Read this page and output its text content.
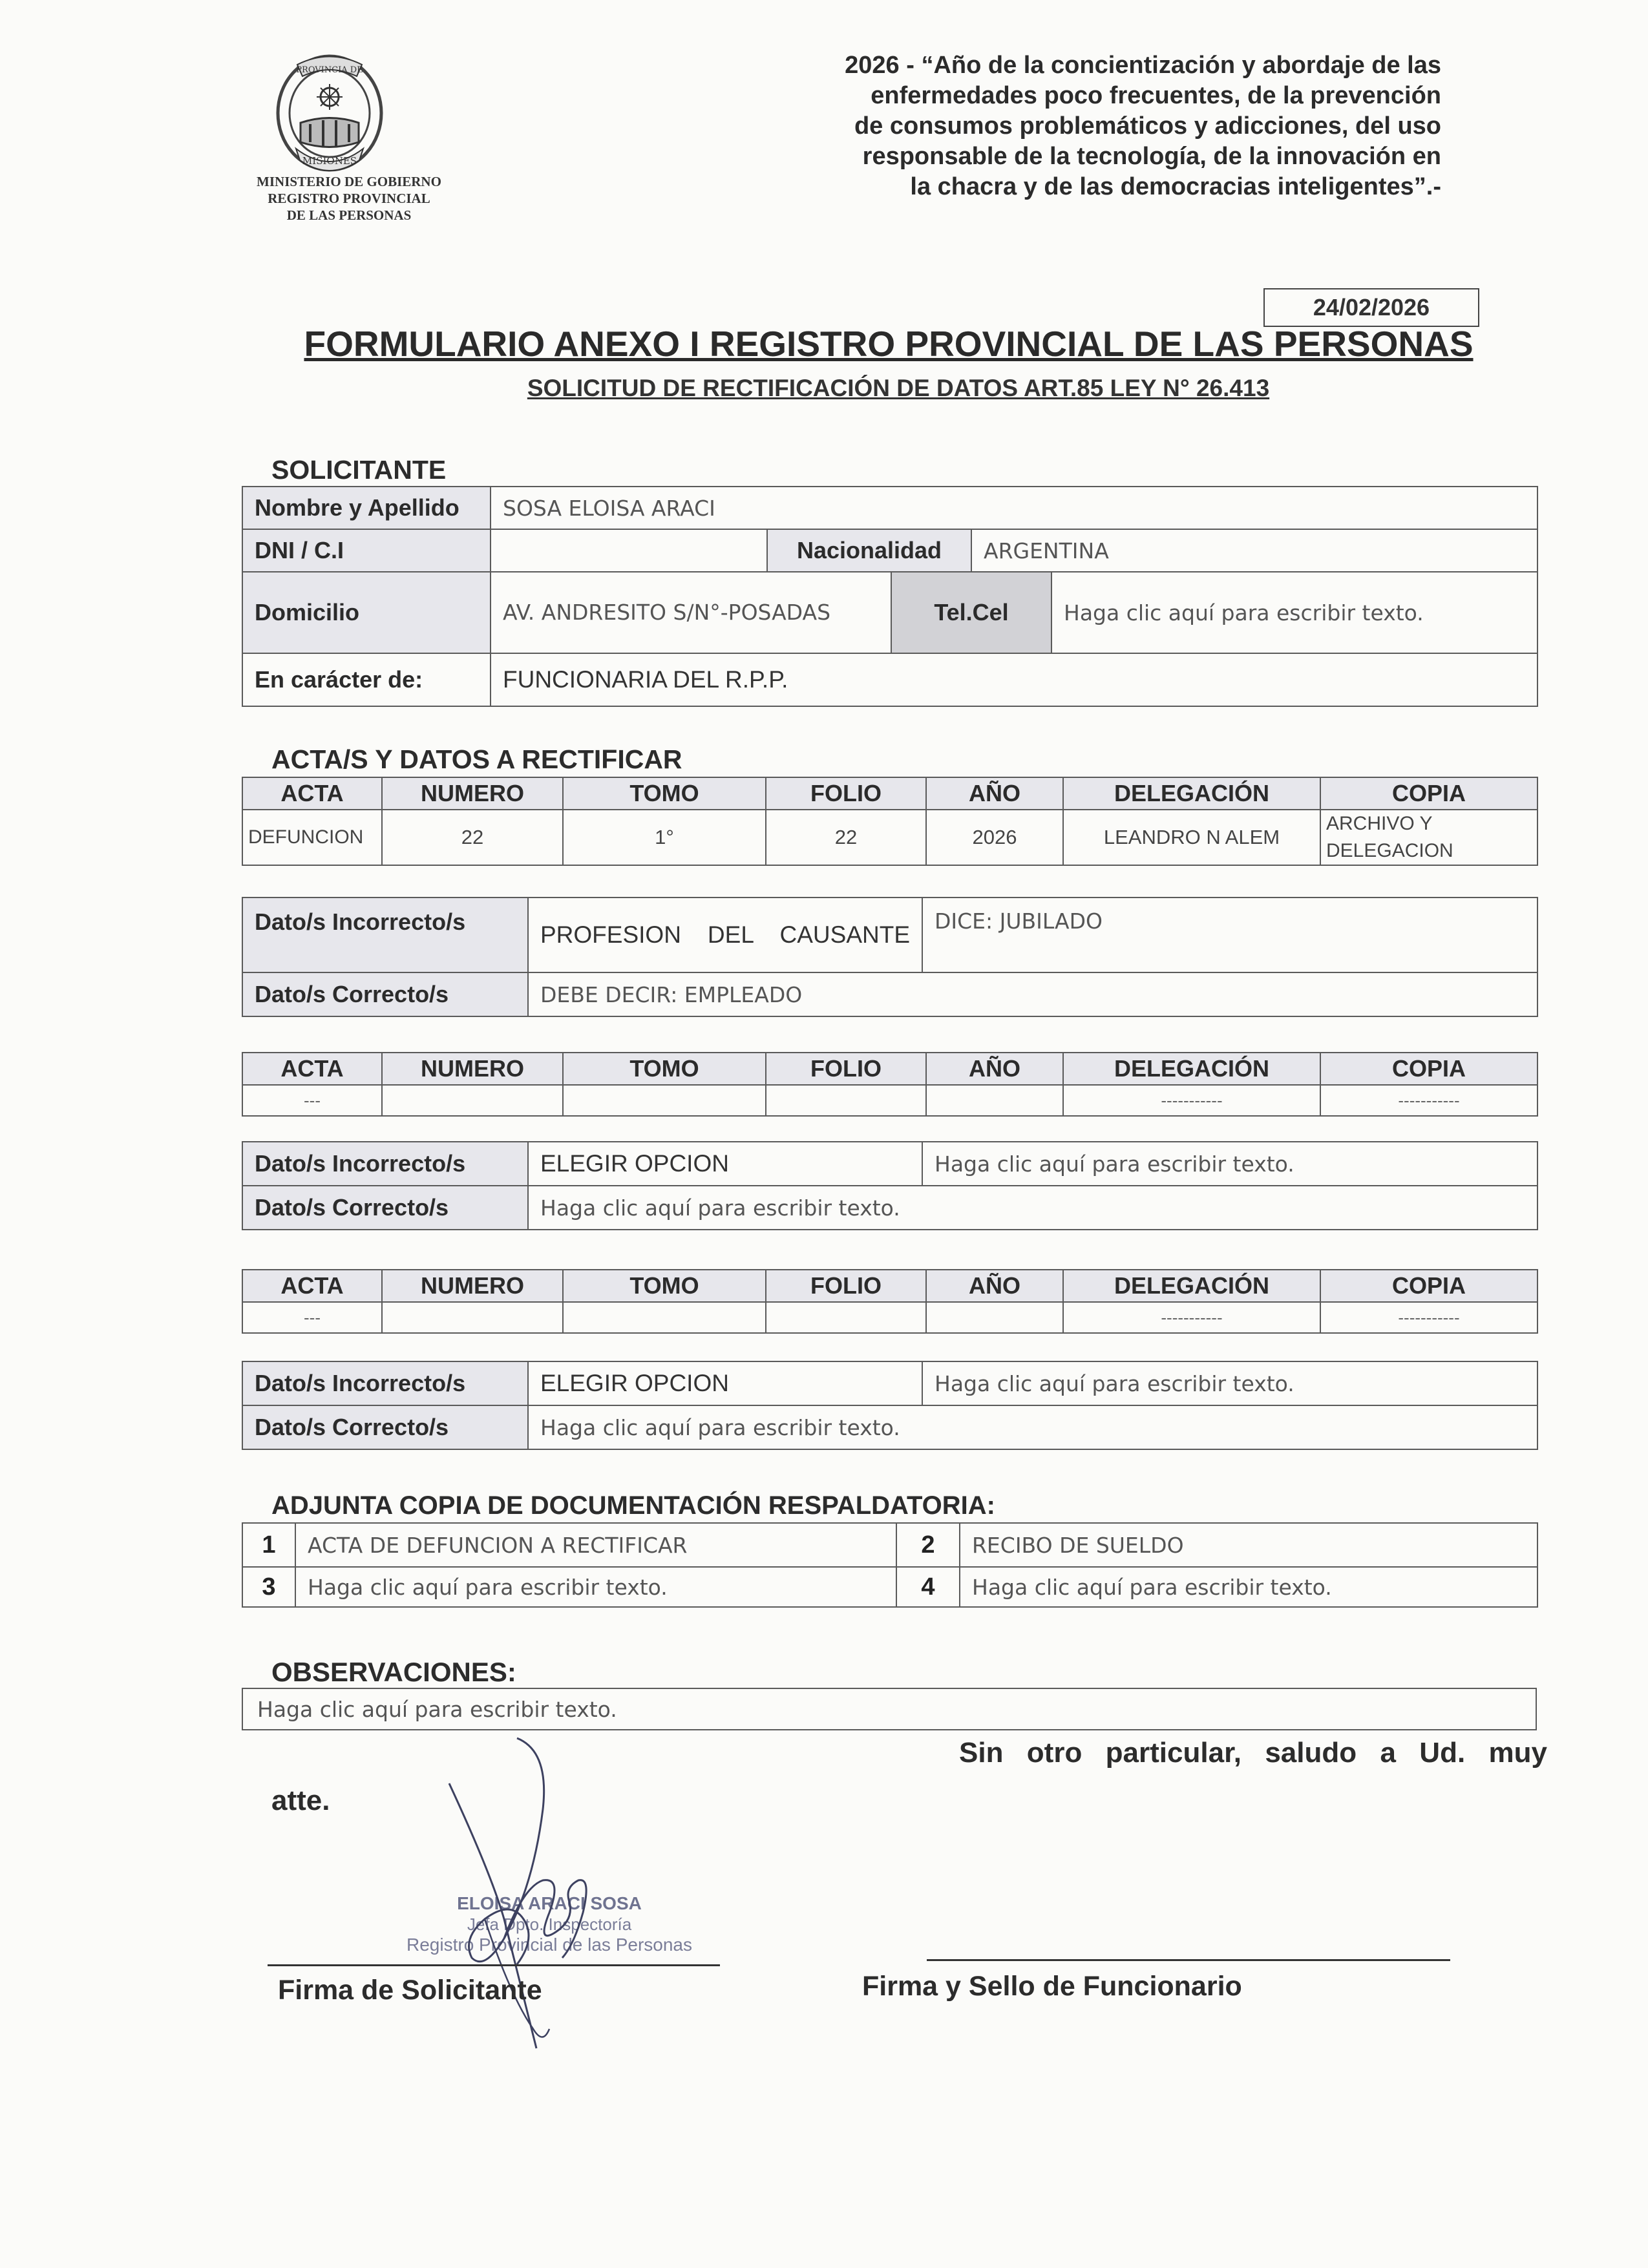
PROVINCIA DE
MISIONES
MINISTERIO DE GOBIERNO
REGISTRO PROVINCIAL
DE LAS PERSONAS
2026 - “Año de la concientización y abordaje de las
enfermedades poco frecuentes, de la prevención
de consumos problemáticos y adicciones, del uso
responsable de la tecnología, de la innovación en
la chacra y de las democracias inteligentes”.-
24/02/2026
FORMULARIO ANEXO I REGISTRO PROVINCIAL DE LAS PERSONAS
SOLICITUD DE RECTIFICACIÓN DE DATOS ART.85 LEY N° 26.413
SOLICITANTE
Nombre y Apellido	SOSA ELOISA ARACI				
DNI / C.I		Nacionalidad		ARGENTINA	
Domicilio	AV. ANDRESITO S/N°-POSADAS		Tel.Cel		Haga clic aquí para escribir texto.
En carácter de:	FUNCIONARIA DEL R.P.P.				
ACTA/S Y DATOS A RECTIFICAR
ACTA	NUMERO	TOMO	FOLIO	AÑO	DELEGACIÓN	COPIA
DEFUNCION	22	1°	22	2026	LEANDRO N ALEM	ARCHIVO Y DELEGACION
Dato/s Incorrecto/s	PROFESION DEL CAUSANTE	DICE: JUBILADO
Dato/s Correcto/s	DEBE DECIR: EMPLEADO	
ACTA	NUMERO	TOMO	FOLIO	AÑO	DELEGACIÓN	COPIA
---					-----------	-----------
Dato/s Incorrecto/s	ELEGIR OPCION	Haga clic aquí para escribir texto.
Dato/s Correcto/s	Haga clic aquí para escribir texto.	
ACTA	NUMERO	TOMO	FOLIO	AÑO	DELEGACIÓN	COPIA
---					-----------	-----------
Dato/s Incorrecto/s	ELEGIR OPCION	Haga clic aquí para escribir texto.
Dato/s Correcto/s	Haga clic aquí para escribir texto.	
ADJUNTA COPIA DE DOCUMENTACIÓN RESPALDATORIA:
1	ACTA DE DEFUNCION A RECTIFICAR	2	RECIBO DE SUELDO
3	Haga clic aquí para escribir texto.	4	Haga clic aquí para escribir texto.
OBSERVACIONES:
Haga clic aquí para escribir texto.
Sin otro particular, saludo a Ud. muy
atte.
ELOISA ARACI SOSA
Jefa Dpto. Inspectoría
Registro Provincial de las Personas
Firma de Solicitante	Firma y Sello de Funcionario
